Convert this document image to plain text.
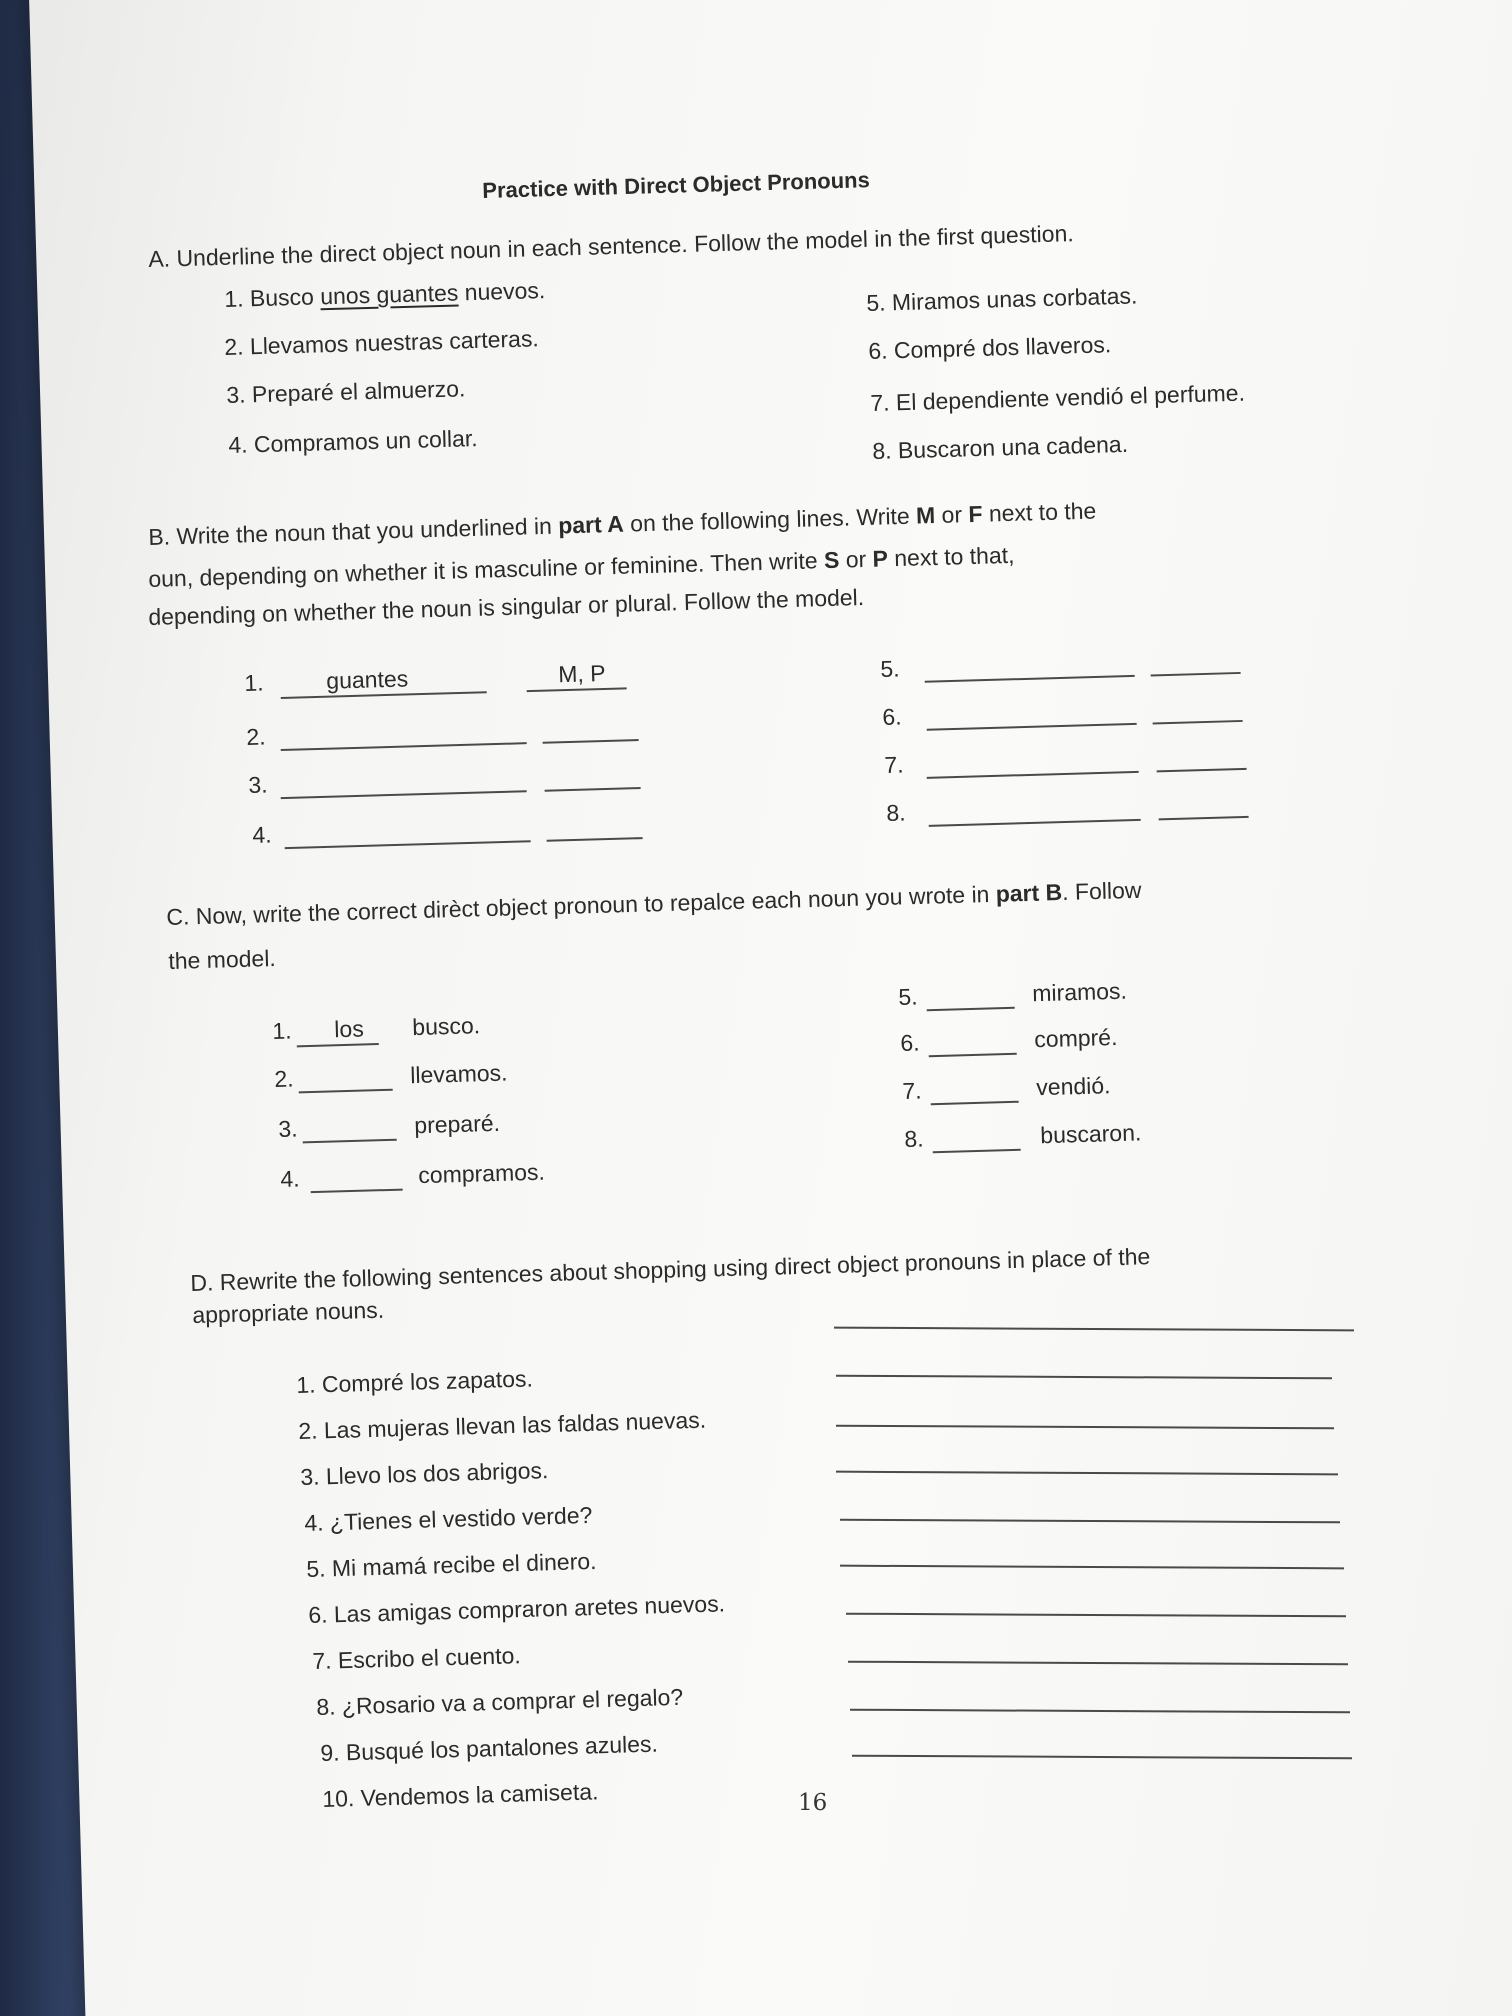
Practice with Direct Object Pronouns
A. Underline the direct object noun in each sentence. Follow the model in the first question.
1. Busco unos guantes nuevos.
2. Llevamos nuestras carteras.
3. Preparé el almuerzo.
4. Compramos un collar.
5. Miramos unas corbatas.
6. Compré dos llaveros.
7. El dependiente vendió el perfume.
8. Buscaron una cadena.
B. Write the noun that you underlined in part A on the following lines. Write M or F next to the
oun, depending on whether it is masculine or feminine. Then write S or P next to that,
depending on whether the noun is singular or plural. Follow the model.
1.	guantes	M, P
2.
3.
4.
5.
6.
7.
8.
C. Now, write the correct dirèct object pronoun to repalce each noun you wrote in part B. Follow
the model.
1. los busco.
2.	llevamos.
3.	preparé.
4.	compramos.
5.	miramos.
6.	compré.
7.	vendió.
8.	buscaron.
D. Rewrite the following sentences about shopping using direct object pronouns in place of the
appropriate nouns.
1. Compré los zapatos.
2. Las mujeras llevan las faldas nuevas.
3. Llevo los dos abrigos.
4. ¿Tienes el vestido verde?
5. Mi mamá recibe el dinero.
6. Las amigas compraron aretes nuevos.
7. Escribo el cuento.
8. ¿Rosario va a comprar el regalo?
9. Busqué los pantalones azules.
10. Vendemos la camiseta.	16
